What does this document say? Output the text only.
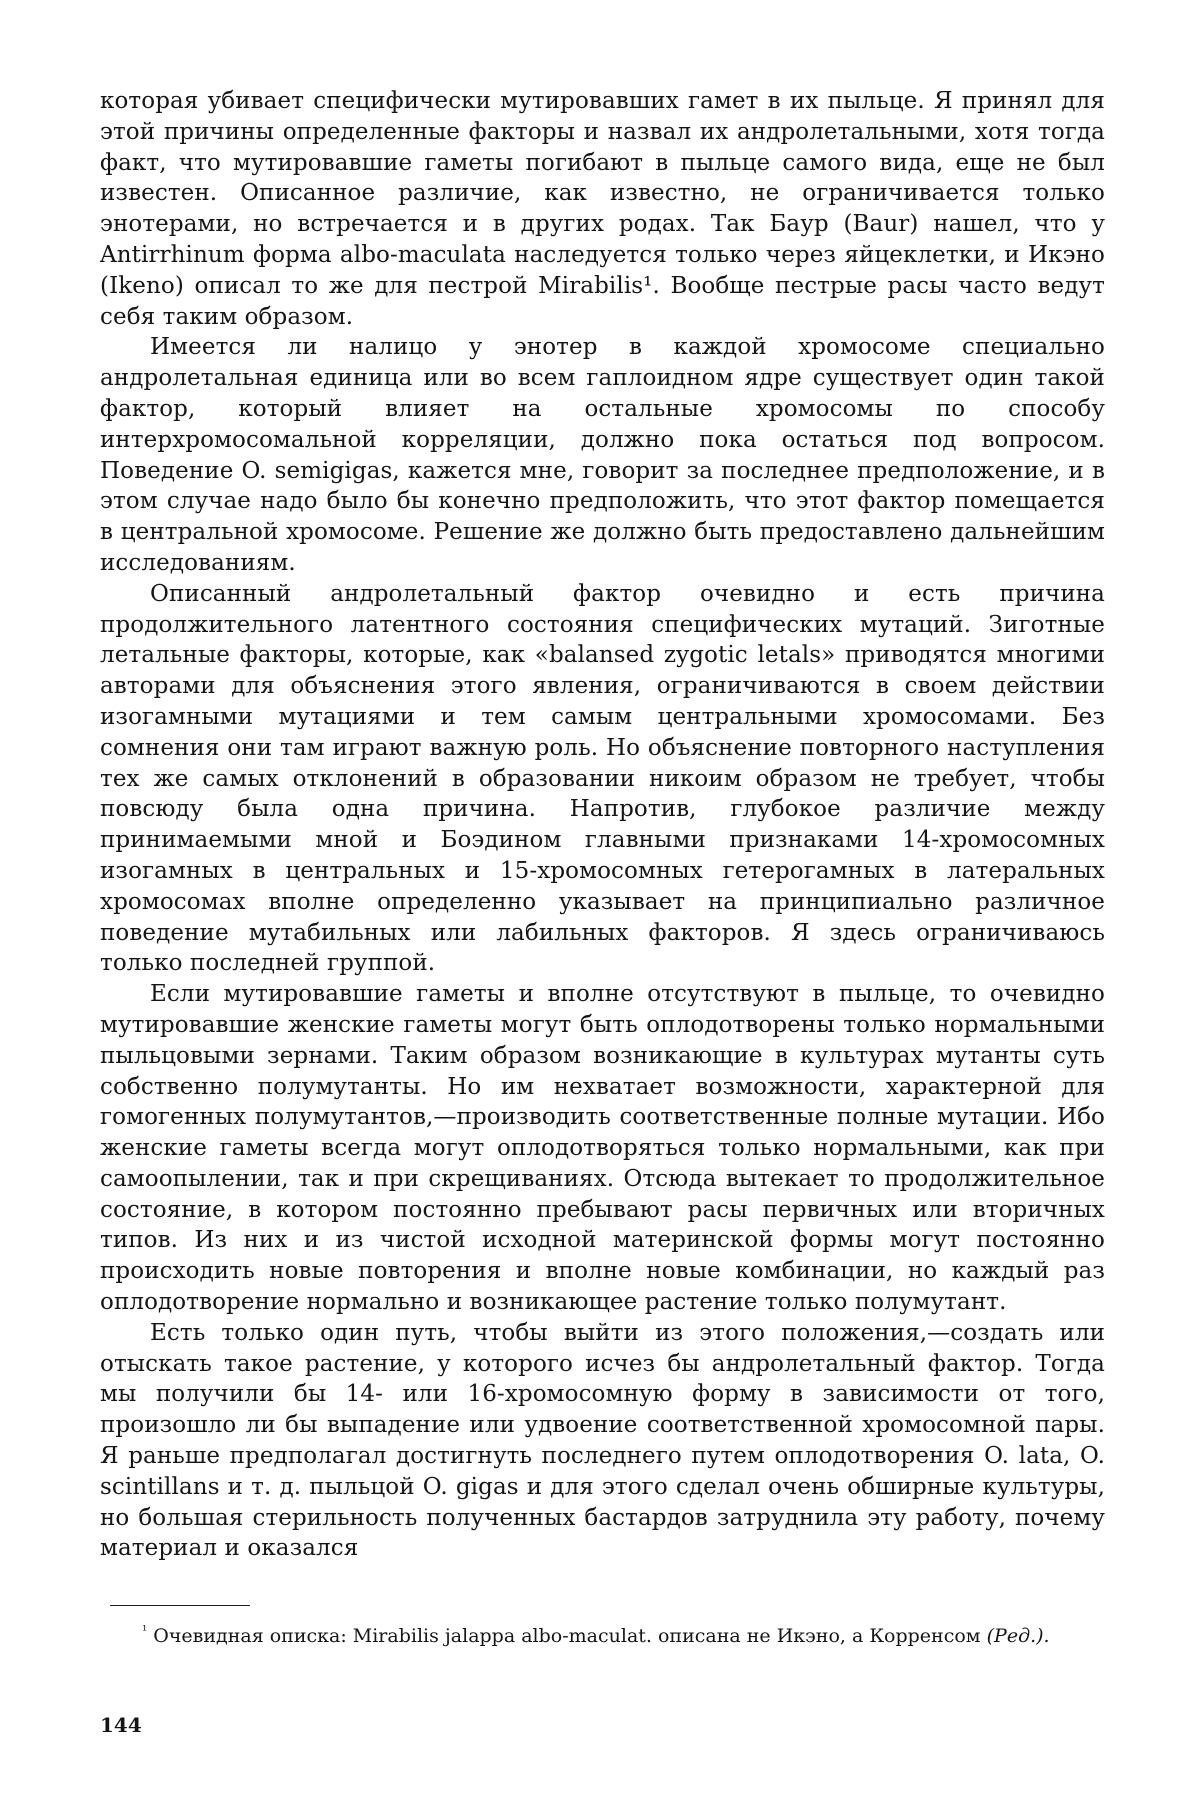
которая убивает специфически мутировавших гамет в их пыльце. Я принял для этой причины определенные факторы и назвал их андролетальными, хотя тогда факт, что мутировавшие гаметы погибают в пыльце самого вида, еще не был известен. Описанное различие, как известно, не ограничивается только энотерами, но встречается и в других родах. Так Баур (Baur) нашел, что у Antirrhinum форма albo-maculata наследуется только через яйцеклетки, и Икэно (Ikeno) описал то же для пестрой Mirabilis¹. Вообще пестрые расы часто ведут себя таким образом.

Имеется ли налицо у энотер в каждой хромосоме специально андролетальная единица или во всем гаплоидном ядре существует один такой фактор, который влияет на остальные хромосомы по способу интерхромосомальной корреляции, должно пока остаться под вопросом. Поведение O. semigigas, кажется мне, говорит за последнее предположение, и в этом случае надо было бы конечно предположить, что этот фактор помещается в центральной хромосоме. Решение же должно быть предоставлено дальнейшим исследованиям.

Описанный андролетальный фактор очевидно и есть причина продолжительного латентного состояния специфических мутаций. Зиготные летальные факторы, которые, как «balansed zygotic letals» приводятся многими авторами для объяснения этого явления, ограничиваются в своем действии изогамными мутациями и тем самым центральными хромосомами. Без сомнения они там играют важную роль. Но объяснение повторного наступления тех же самых отклонений в образовании никоим образом не требует, чтобы повсюду была одна причина. Напротив, глубокое различие между принимаемыми мной и Боэдином главными признаками 14-хромосомных изогамных в центральных и 15-хромосомных гетерогамных в латеральных хромосомах вполне определенно указывает на принципиально различное поведение мутабильных или лабильных факторов. Я здесь ограничиваюсь только последней группой.

Если мутировавшие гаметы и вполне отсутствуют в пыльце, то очевидно мутировавшие женские гаметы могут быть оплодотворены только нормальными пыльцовыми зернами. Таким образом возникающие в культурах мутанты суть собственно полумутанты. Но им нехватает возможности, характерной для гомогенных полумутантов,—производить соответственные полные мутации. Ибо женские гаметы всегда могут оплодотворяться только нормальными, как при самоопылении, так и при скрещиваниях. Отсюда вытекает то продолжительное состояние, в котором постоянно пребывают расы первичных или вторичных типов. Из них и из чистой исходной материнской формы могут постоянно происходить новые повторения и вполне новые комбинации, но каждый раз оплодотворение нормально и возникающее растение только полумутант.

Есть только один путь, чтобы выйти из этого положения,—создать или отыскать такое растение, у которого исчез бы андролетальный фактор. Тогда мы получили бы 14- или 16-хромосомную форму в зависимости от того, произошло ли бы выпадение или удвоение соответственной хромосомной пары. Я раньше предполагал достигнуть последнего путем оплодотворения O. lata, O. scintillans и т. д. пыльцой O. gigas и для этого сделал очень обширные культуры, но большая стерильность полученных бастардов затруднила эту работу, почему материал и оказался

¹ Очевидная описка: Mirabilis jalappa albo-maculat. описана не Икэно, а Корренсом (Ред.).

144
